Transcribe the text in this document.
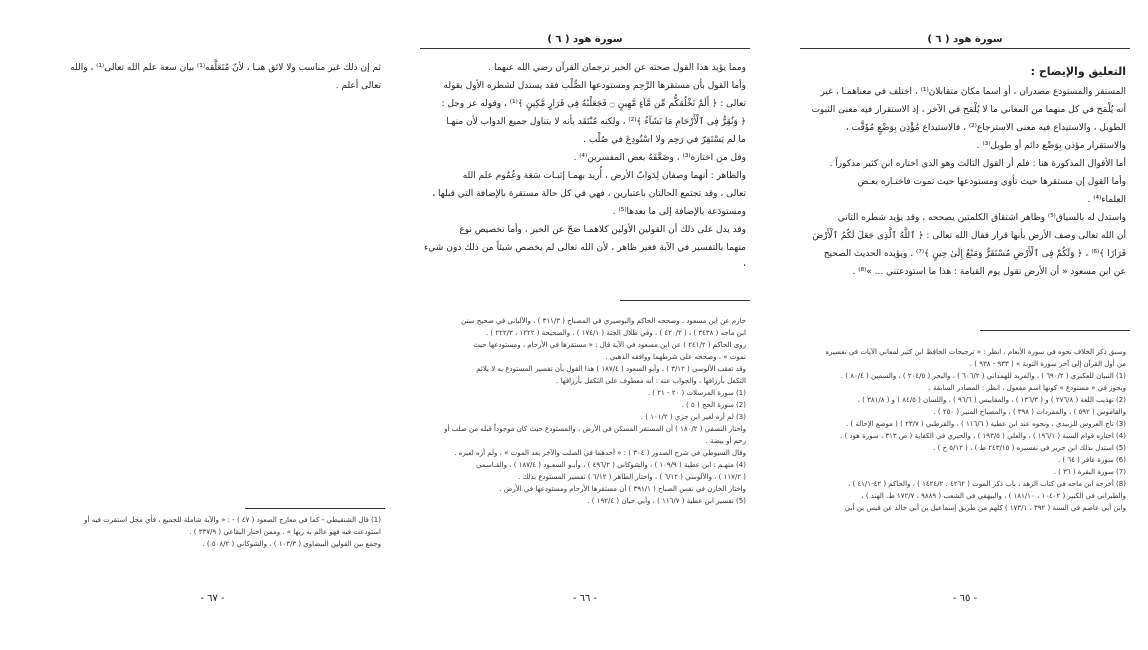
ثم إن ذلك غير مناسب ولا لائق هنـا ، لأنّ مُتَعَلَّقه⁽¹⁾ بيان سعة علم الله تعالى⁽¹⁾ ، والله

تعالى أعلم .

(1) قال الشنقيطي - كما في معارج الصعود ( ٤٧ ) - : « والآية شاملة للجميع ، فأي محل استقرت فيه أو

استودعت فيه فهو عالم به ربها » . وممن اختار البقاعي ( ٣٣٧/٩ ) .

وجمع بين القولين البيضاوي ( ١٠٣/٣ ) ، والشوكاني ( ٥٠٨/٢ ) .

- ٦٧ -
سورة هود ( ٦ )

ومما يؤيد هذا القول صحته عن الحبر ترجمان القرآن رضي الله عنهما .

وأما القول بأن مستقرها الرَّحِم ومستودعها الصُّلْب فقد يستدل لشطره الأول بقوله

تعالى : ﴿ أَلَمْ نَخْلُقكُّم مِّن مَّآءٍ مَّهِينٍ ۝ فَجَعَلْنَٰهُ فِى قَرَارٍ مَّكِينٍ ﴾⁽¹⁾ ، وقوله عز وجل :

﴿ وَنُقِرُّ فِى ٱلْأَرْحَامِ مَا نَشَآءُ ﴾⁽²⁾ ، ولكنه مُنْتَقَد بأنه لا يتناول جميع الدواب لأن منهـا

ما لم يَسْتَقِرّ في رَحِم ولا اسْتُودِعَ في صُلْب .

وقل من اختاره⁽³⁾ ، وضَعَّفَهُ بعض المفسرين⁽⁴⁾ .

والظاهر : أنهما وصفان لِدَوابّ الأرض ، أُريد بهمـا إثبـات سَعَة وعُمُوم علم الله

تعالى ، وقد تجتمع الحالتان باعتبارين ، فهي في كل حالة مستقرة بالإضافة التي قبلها ،

ومستودَعة بالإضافة إلى ما بعدها⁽⁵⁾ .

وقد يدل على ذلك أن القولين الأولين كلاهمـا صَحّ عن الحبر ، وأما تخصيص نوع

منهما بالتفسير في الآية فغير ظاهر ، لأن الله تعالى لم يخصص شيئاً من ذلك دون شيء ،

حازم عن ابن مسعود ، وصححه الحاكم والبوصيري في المصباح ( ٣١١/٣ ) ، والألباني في صحيح سنن

ابن ماجه ( ٣٤٣٨ ) ، ( ٤٢٠/٢ ) ، وفي ظلال الجنة ( ١٧٤/١ ) ، والصحيحة ( ١٢٢٢ ، ٢٢٢/٣ ) .

روى الحاكم ( ٢٤١/٢ ) عن ابن مسعود في الآية قال : « مستقرها في الأرحام ، ومستودعها حيث

تموت » ، وصححه على شرطهما ووافقه الذهبي .

وقد تعقب الألوسي ( ٣/١٢ ) ، وأبو السعود ( ١٨٧/٤ ) هذا القول بأن تفسير المستودع به لا يلائم

التكفل بأرزاقها ، والجواب عنه : أنه معطوف على التكفل بأرزاقها .

(1) سورة المرسلات ( ٢٠ - ٢١ ) .

(2) سورة الحج ( ٥ ) .

(3) لم أره لغير ابن جزي ( ١٠١/٢ ) .

واختار النسفي ( ١٨٠/٢ ) أن المستقر المسكن في الأرض ، والمستودع حيث كان موجوداً قبله من صلب أو

رحم أو بيضة .

وقال السيوطي في شرح الصدور ( ٣٠٤ ) : « أحدهما في الصلب والآخر بعد الموت » ، ولم أره لغيره .

(4) منهـم : ابن عطية ( ١٠٩/٩ ) ، والشوكاني ( ٤٩٦/٢ ) ، وأبـو السعـود ( ١٨٧/٤ ) ، والقـاسمي

( ١١٧/٢ ) ، والألوسي ( ٦/١٢ ) ، واختار الطاهر ( ٦/١٢ ) تفسير المستودع بذلك .

واختار الخازن في نفس الصباح ( ٣٩١/١ ) أن مستقرها الأرحام ومستودعها في الأرض .

(5) تفسير ابن عطية ( ١١٦/٧ ) ، وأبي حيان ( ١٩٢/٤ ) .

- ٦٦ -
سورة هود ( ٦ )

التعليق والإيضاح :

المستقر والمستودع مصدران ، أو اسما مكان متقابلان⁽¹⁾ ، اختلف في معناهمـا ، غير

أنه يُلْمَح في كل منهما من المعاني ما لا يُلْمَح في الآخر ، إذ الاستقرار فيه معنى الثبوت

الطويل ، والاستيداع فيه معنى الاسترجاع⁽²⁾ ، فالاستيداع مُؤْذِن بِوَضْعٍ مُؤَقَّت ،

والاستقرار مؤذن بِوَضْع دائم أو طويل⁽³⁾ .

أما الأقوال المذكورة هنا : فلم أر القول الثالث وهو الذي اختاره ابن كثير مذكوراً .

وأما القول إن مستقرها حيث تأوي ومستودعها حيث تموت فاختـاره بعـض

العلماء⁽⁴⁾ .

واستدل له بالسياق⁽⁵⁾ وظاهر اشتقاق الكلمتين يصححه ، وقد يؤيد شطره الثاني

أن الله تعالى وصف الأرض بأنها قرار فقال الله تعالى : ﴿ ٱللَّهُ ٱلَّذِى جَعَلَ لَكُمُ ٱلْأَرْضَ

قَرَارًا ﴾⁽⁶⁾ ، ﴿ وَلَكُمْ فِى ٱلْأَرْضِ مُسْتَقَرٌّ وَمَتَٰعٌ إِلَىٰ حِينٍ ﴾⁽⁷⁾ . ويؤيده الحديث الصحيح

عن ابن مسعود « أن الأرض تقول يوم القيامة : هذا ما استودعتني ... »⁽⁸⁾ .

وسبق ذكر الخلاف نحوه في سورة الأنعام ، انظر : « ترجيحات الحافظ ابن كثير لمعاني الآيات في تفسيره

من أول القرآن إلى آخر سورة التوبة » ( ٩٣٣ - ٩٣٨ ) .

(1) التبيان للعكبري ( ٦٩٠/٢ ) ، والفريد للهمداني ( ٦٠٦/٢ ) ، والبحر ( ٢٠٤/٥ ) ، والسمين ( ٨٠/٤ ) .

ويجوز في « مستودع » كونها اسم مفعول ، انظر : المصادر السابقة .

(2) تهذيب اللغة ( ٢٧٦/٨ ) و ( ١٣٦/٣ ) ، والمقاييس ( ٩٦/٦ ) ، واللسان ( ٨٤/٥ ) و ( ٣٨١/٨ ) ،

والقاموس ( ٥٩٢ ) ، والمفردات ( ٣٩٨ ) ، والمصباح المنير ( ٢٥٠ ) .

(3) تاج العروس للزبيدي ، ونحوه عند ابن عطية ( ١١٦/٦ ) ، والقرطبي ( ٢٣/٧ ) ( موضع الإحالة ) .

(4) اختاره قوام السنة ( ١٩٦/١ ) ، والعلي ( ١٩٣/٥ ) ، والحيري في الكفاية ( ص ٣١٣ ، سورة هود ) .

(5) استدل بذلك ابن جرير في تفسيره ( ٢٤٣/١٥ ط ) ، ( ٥/١٢ ح ) .

(6) سورة غافر ( ٦٤ ) .

(7) سورة البقرة ( ٣٦ ) .

(8) أخرجه ابن ماجه في كتاب الزهد ، باب ذكر الموت ( ٤٢٦٢ ، ١٤٢٤/٢ ) ، والحاكم ( ٤٢-٤١/١ ) ،

والطبراني في الكبير ( ١٠٤٠٢ ، ١٨١/١٠ ) ، والبيهقي في الشعب ( ٩٨٨٩ ، ١٧٢/٧ ط. الهند ) ،

وابن أبي عاصم في السنة ( ٣٩٢ ، ١٧٣/١ ) كلهم من طريق إسماعيل بن أبي خالد عن قيس بن أبي

- ٦٥ -
